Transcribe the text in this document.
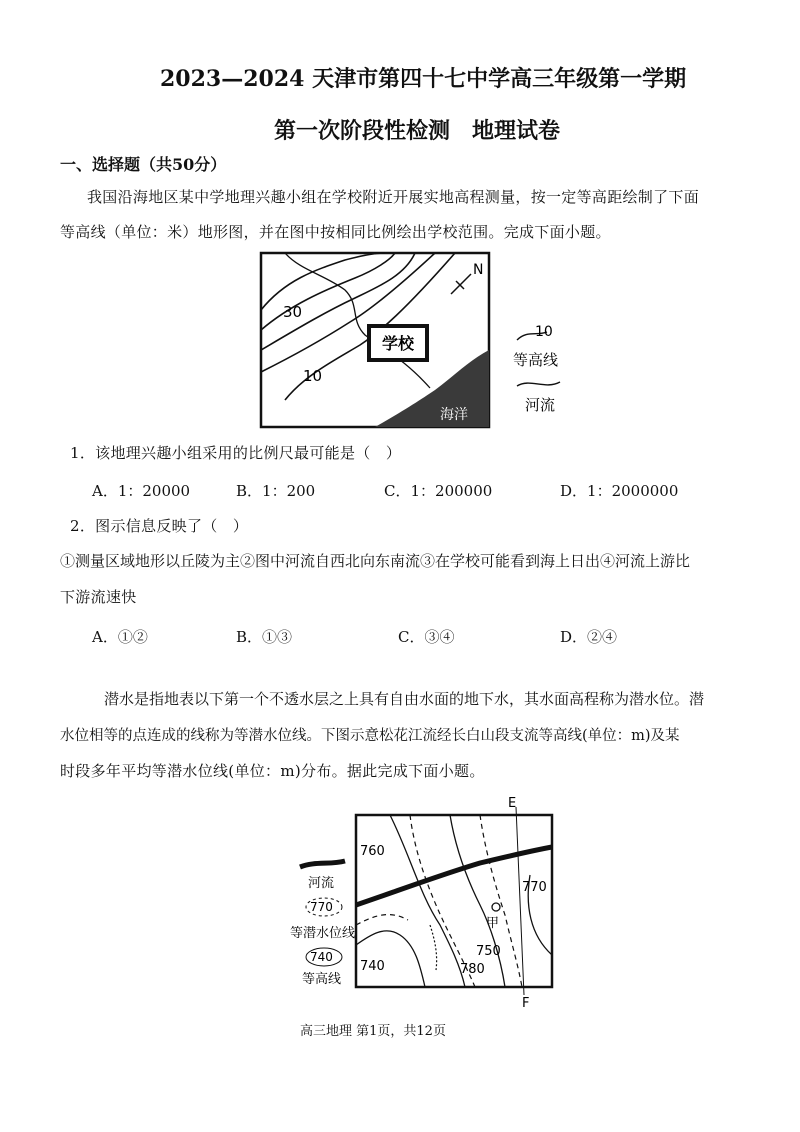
2023—2024 天津市第四十七中学高三年级第一学期
第一次阶段性检测　地理试卷
一、选择题（共50分）
我国沿海地区某中学地理兴趣小组在学校附近开展实地高程测量，按一定等高距绘制了下面
等高线（单位：米）地形图，并在图中按相同比例绘出学校范围。完成下面小题。
学校
30
10
海洋
N
10
等高线
河流
1．该地理兴趣小组采用的比例尺最可能是（　）
A．1：20000	B．1：200	C．1：200000	D．1：2000000
2．图示信息反映了（　）
①测量区域地形以丘陵为主②图中河流自西北向东南流③在学校可能看到海上日出④河流上游比
下游流速快
A．①②	B．①③	C．③④	D．②④
潜水是指地表以下第一个不透水层之上具有自由水面的地下水，其水面高程称为潜水位。潜
水位相等的点连成的线称为等潜水位线。下图示意松花江流经长白山段支流等高线(单位：m)及某
时段多年平均等潜水位线(单位：m)分布。据此完成下面小题。
E
F
甲
760
770
750
780
740
河流
770
等潜水位线
740
等高线
高三地理 第1页，共12页
